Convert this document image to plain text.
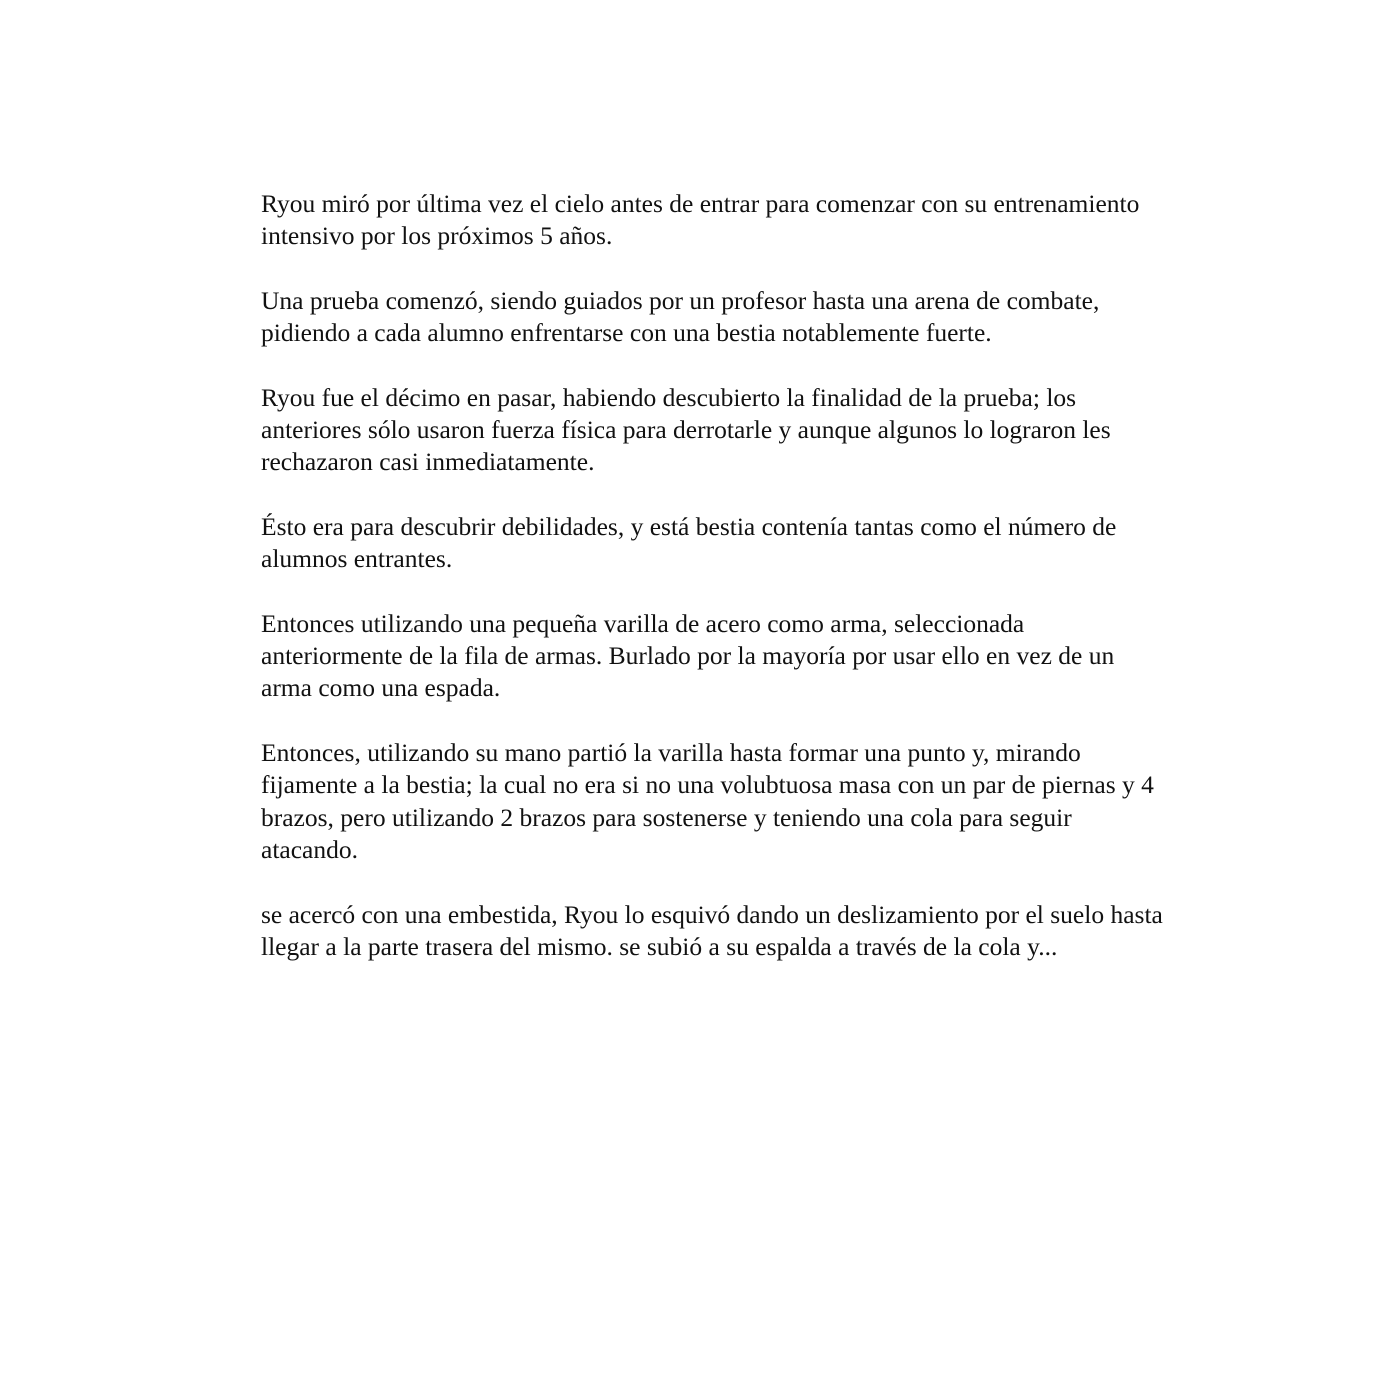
Ryou miró por última vez el cielo antes de entrar para comenzar con su entrenamiento intensivo por los próximos 5 años.

Una prueba comenzó, siendo guiados por un profesor hasta una arena de combate, pidiendo a cada alumno enfrentarse con una bestia notablemente fuerte.

Ryou fue el décimo en pasar, habiendo descubierto la finalidad de la prueba; los anteriores sólo usaron fuerza física para derrotarle y aunque algunos lo lograron les rechazaron casi inmediatamente.

Ésto era para descubrir debilidades, y está bestia contenía tantas como el número de alumnos entrantes.

Entonces utilizando una pequeña varilla de acero como arma, seleccionada anteriormente de la fila de armas. Burlado por la mayoría por usar ello en vez de un arma como una espada.

Entonces, utilizando su mano partió la varilla hasta formar una punto y, mirando fijamente a la bestia; la cual no era si no una volubtuosa masa con un par de piernas y 4 brazos, pero utilizando 2 brazos para sostenerse y teniendo una cola para seguir atacando.

se acercó con una embestida, Ryou lo esquivó dando un deslizamiento por el suelo hasta llegar a la parte trasera del mismo. se subió a su espalda a través de la cola y...
